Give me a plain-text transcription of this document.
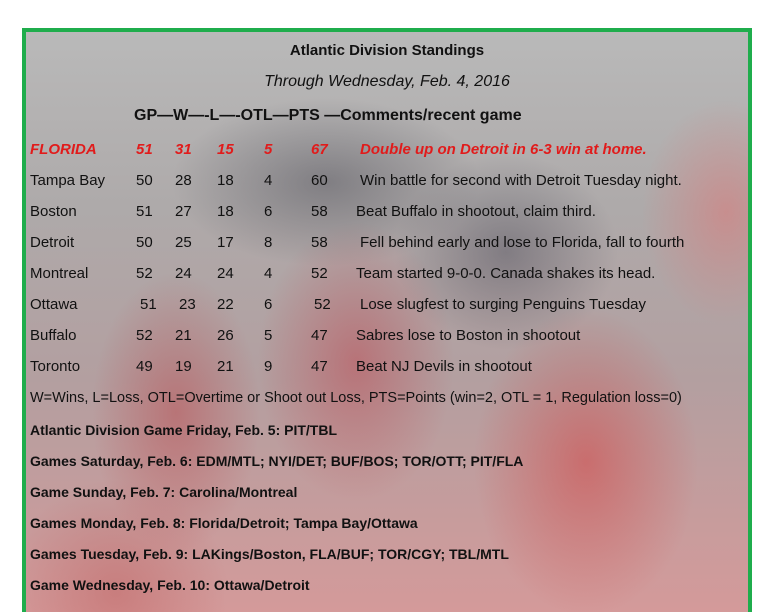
Atlantic Division Standings
Through Wednesday, Feb. 4, 2016
GP—W—-L—-OTL—PTS —Comments/recent game
FLORIDA	51 31 15 5	67 Double up on Detroit in 6-3 win at home.
Tampa Bay 50 28 18 4	60 Win battle for second with Detroit Tuesday night.
Boston	51 27 18 6	58 Beat Buffalo in shootout, claim third.
Detroit	50 25 17 8	58 Fell behind early and lose to Florida, fall to fourth
Montreal	52 24 24 4	52 Team started 9-0-0. Canada shakes its head.
Ottawa	51 23 22 6	52 Lose slugfest to surging Penguins Tuesday
Buffalo	52 21 26 5	47 Sabres lose to Boston in shootout
Toronto	49 19 21 9	47 Beat NJ Devils in shootout
W=Wins, L=Loss, OTL=Overtime or Shoot out Loss, PTS=Points (win=2, OTL = 1, Regulation loss=0)
Atlantic Division Game Friday, Feb. 5: PIT/TBL
Games Saturday, Feb. 6: EDM/MTL; NYI/DET; BUF/BOS; TOR/OTT; PIT/FLA
Game Sunday, Feb. 7: Carolina/Montreal
Games Monday, Feb. 8: Florida/Detroit; Tampa Bay/Ottawa
Games Tuesday, Feb. 9: LAKings/Boston, FLA/BUF; TOR/CGY; TBL/MTL
Game Wednesday, Feb. 10: Ottawa/Detroit
